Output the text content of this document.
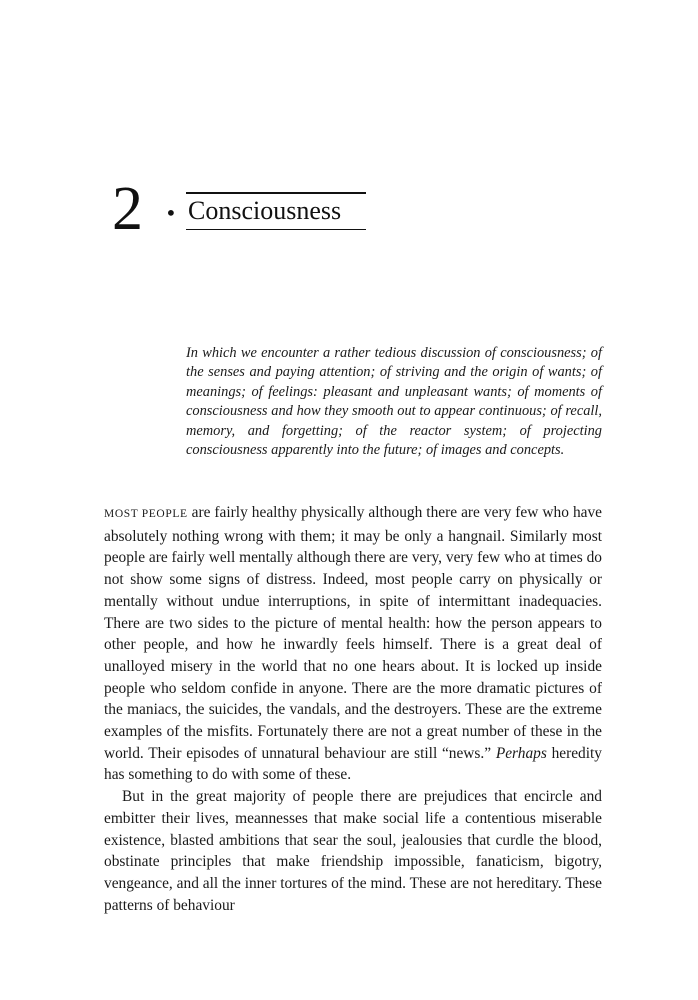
2 • Consciousness
In which we encounter a rather tedious discussion of consciousness; of the senses and paying attention; of striving and the origin of wants; of meanings; of feelings: pleasant and unpleasant wants; of moments of consciousness and how they smooth out to appear continuous; of recall, memory, and forgetting; of the reactor system; of projecting consciousness apparently into the future; of images and concepts.

MOST PEOPLE are fairly healthy physically although there are very few who have absolutely nothing wrong with them; it may be only a hangnail. Similarly most people are fairly well mentally although there are very, very few who at times do not show some signs of distress. Indeed, most people carry on physically or mentally without undue interruptions, in spite of intermittant inadequacies. There are two sides to the picture of mental health: how the person appears to other people, and how he inwardly feels himself. There is a great deal of unalloyed misery in the world that no one hears about. It is locked up inside people who seldom confide in anyone. There are the more dramatic pictures of the maniacs, the suicides, the vandals, and the destroyers. These are the extreme examples of the misfits. Fortunately there are not a great number of these in the world. Their episodes of unnatural behaviour are still “news.” Perhaps heredity has something to do with some of these.

But in the great majority of people there are prejudices that encircle and embitter their lives, meannesses that make social life a contentious miserable existence, blasted ambitions that sear the soul, jealousies that curdle the blood, obstinate principles that make friendship impossible, fanaticism, bigotry, vengeance, and all the inner tortures of the mind. These are not hereditary. These patterns of behaviour
